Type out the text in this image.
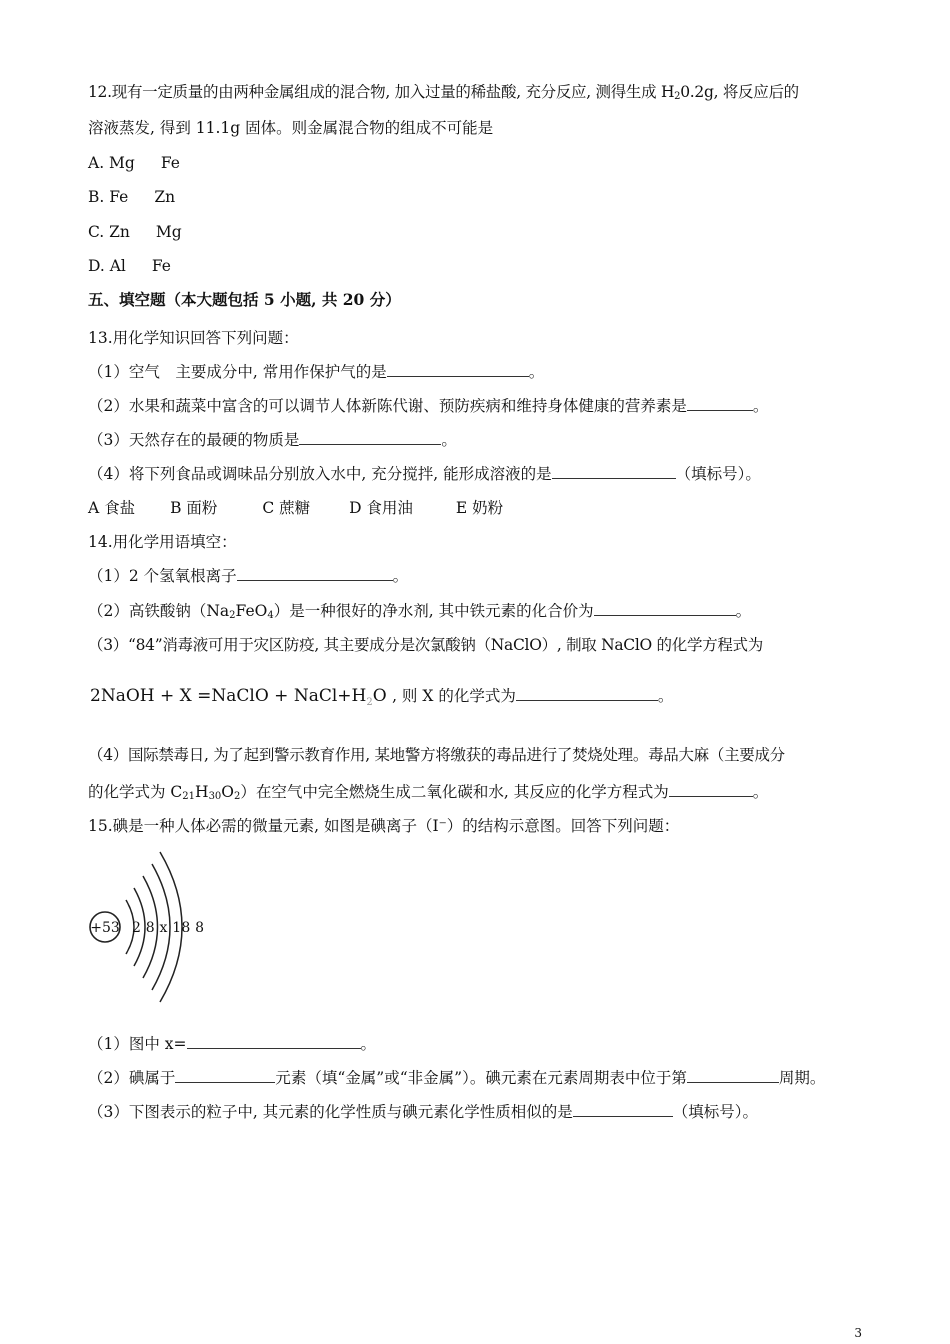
12.现有一定质量的由两种金属组成的混合物, 加入过量的稀盐酸, 充分反应, 测得生成 $H_20.2g$, 将反应后的
溶液蒸发, 得到 11.1g 固体。则金属混合物的组成不可能是
A. Mg Fe
B. Fe Zn
C. Zn Mg
D. Al Fe
五、填空题（本大题包括 5 小题, 共 20 分）
13.用化学知识回答下列问题：
（1）空气　主要成分中, 常用作保护气的是	。
（2）水果和蔬菜中富含的可以调节人体新陈代谢、预防疾病和维持身体健康的营养素是	。
（3）天然存在的最硬的物质是	。
（4）将下列食品或调味品分别放入水中, 充分搅拌, 能形成溶液的是	（填标号）。
A 食盐 B 面粉	C 蔗糖	D 食用油	E 奶粉
14.用化学用语填空：
（1）2 个氢氧根离子	。
（2）高铁酸钠$(Na_2FeO_4)$是一种很好的净水剂, 其中铁元素的化合价为	。
（3）“84”消毒液可用于灾区防疫, 其主要成分是次氯酸钠（NaClO）, 制取 NaClO 的化学方程式为
2NaOH + X =NaClO + $NaCl+H_2O$ , 则 X 的化学式为	。
（4）国际禁毒日, 为了起到警示教育作用, 某地警方将缴获的毒品进行了焚烧处理。毒品大麻（主要成分
的化学式为 $C_{21}H_{30}O_2$）在空气中完全燃烧生成二氧化碳和水, 其反应的化学方程式为	。
15.碘是一种人体必需的微量元素, 如图是碘离子（I⁻）的结构示意图。回答下列问题：
+53 2 8 x 18 8
（1）图中 x=	。
（2）碘属于	元素（填“金属”或“非金属”）。碘元素在元素周期表中位于第	周期。
（3）下图表示的粒子中, 其元素的化学性质与碘元素化学性质相似的是	（填标号）。
3
